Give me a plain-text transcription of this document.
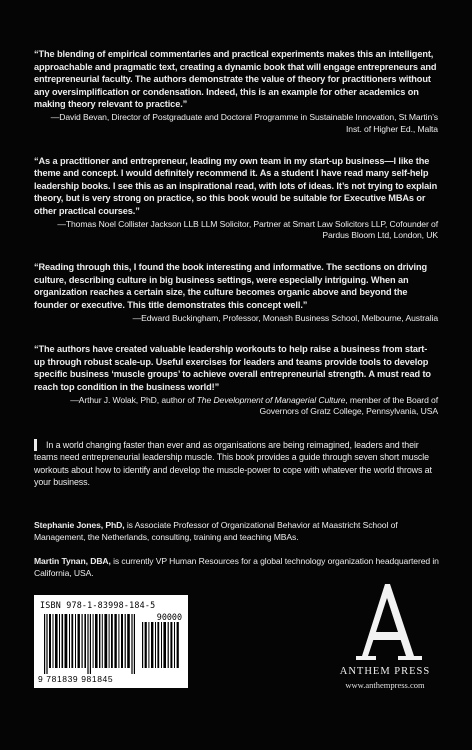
“The blending of empirical commentaries and practical experiments makes this an intelligent, approachable and pragmatic text, creating a dynamic book that will engage entrepreneurs and entrepreneurial faculty. The authors demonstrate the value of theory for practitioners without any oversimplification or condensation. Indeed, this is an example for other academics on making theory relevant to practice.”

—David Bevan, Director of Postgraduate and Doctoral Programme in Sustainable Innovation, St Martin’s Inst. of Higher Ed., Malta

“As a practitioner and entrepreneur, leading my own team in my start-up business—I like the theme and concept. I would definitely recommend it. As a student I have read many self-help leadership books. I see this as an inspirational read, with lots of ideas. It’s not trying to explain theory, but is very strong on practice, so this book would be suitable for Executive MBAs or other practical courses.”

—Thomas Noel Collister Jackson LLB LLM Solicitor, Partner at Smart Law Solicitors LLP, Cofounder of Pardus Bloom Ltd, London, UK

“Reading through this, I found the book interesting and informative. The sections on driving culture, describing culture in big business settings, were especially intriguing. When an organization reaches a certain size, the culture becomes organic above and beyond the founder or executive. This title demonstrates this concept well.”

—Edward Buckingham, Professor, Monash Business School, Melbourne, Australia

“The authors have created valuable leadership workouts to help raise a business from start-up through robust scale-up. Useful exercises for leaders and teams provide tools to develop specific business ‘muscle groups’ to achieve overall entrepreneurial strength. A must read to reach top condition in the business world!”

—Arthur J. Wolak, PhD, author of The Development of Managerial Culture, member of the Board of Governors of Gratz College, Pennsylvania, USA

In a world changing faster than ever and as organisations are being reimagined, leaders and their teams need entrepreneurial leadership muscle. This book provides a guide through seven short muscle workouts about how to identify and develop the muscle-power to cope with whatever the world throws at your business.

Stephanie Jones, PhD, is Associate Professor of Organizational Behavior at Maastricht School of Management, the Netherlands, consulting, training and teaching MBAs.

Martin Tynan, DBA, is currently VP Human Resources for a global technology organization headquartered in California, USA.

ISBN 978-1-83998-184-5
90000
9 781839 981845
ANTHEM PRESS
www.anthempress.com
